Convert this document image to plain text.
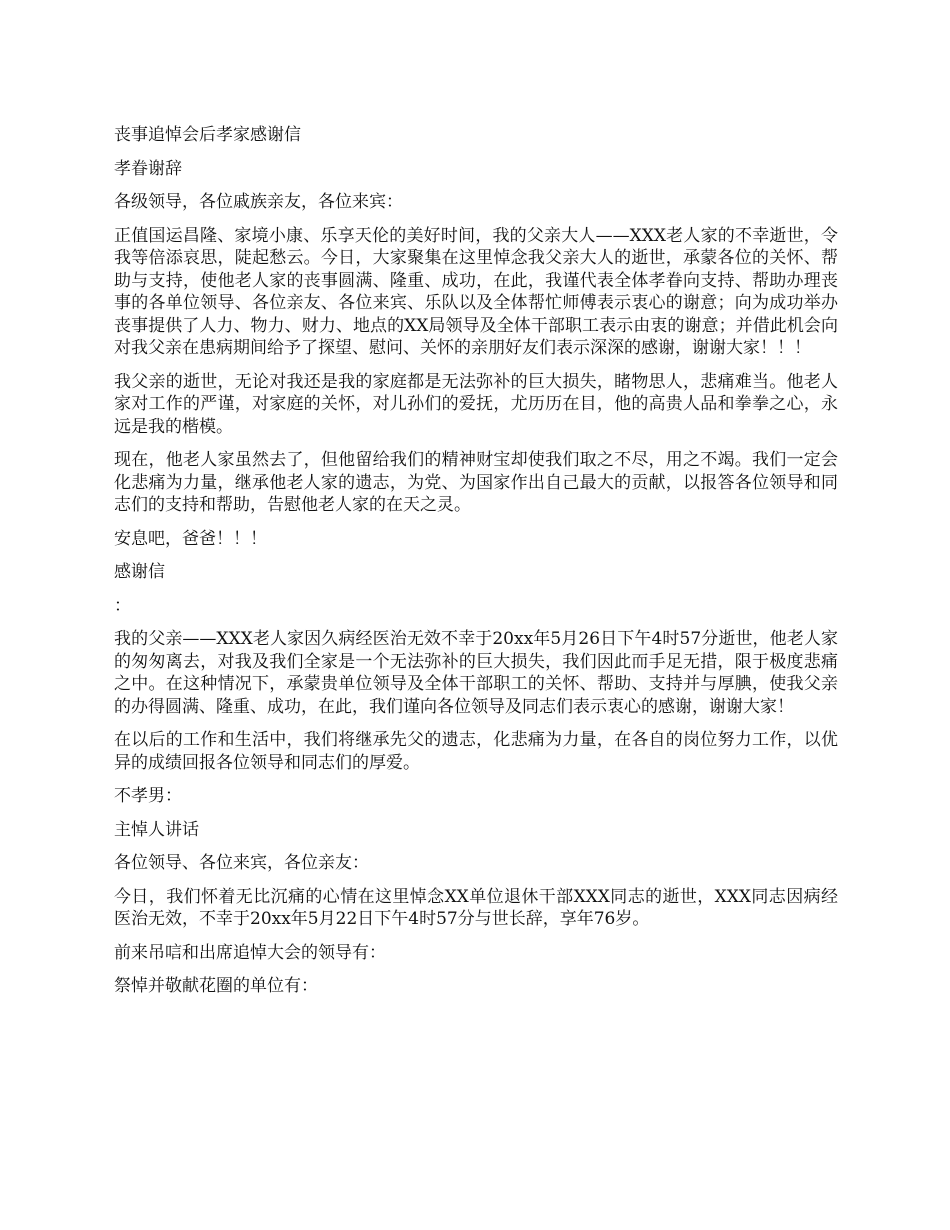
丧事追悼会后孝家感谢信

孝眷谢辞

各级领导，各位戚族亲友，各位来宾：

正值国运昌隆、家境小康、乐享天伦的美好时间，我的父亲大人——XXX老人家的不幸逝世，令我等倍添哀思，陡起愁云。今日，大家聚集在这里悼念我父亲大人的逝世，承蒙各位的关怀、帮助与支持，使他老人家的丧事圆满、隆重、成功，在此，我谨代表全体孝眷向支持、帮助办理丧事的各单位领导、各位亲友、各位来宾、乐队以及全体帮忙师傅表示衷心的谢意；向为成功举办丧事提供了人力、物力、财力、地点的XX局领导及全体干部职工表示由衷的谢意；并借此机会向对我父亲在患病期间给予了探望、慰问、关怀的亲朋好友们表示深深的感谢，谢谢大家！！！

我父亲的逝世，无论对我还是我的家庭都是无法弥补的巨大损失，睹物思人，悲痛难当。他老人家对工作的严谨，对家庭的关怀，对儿孙们的爱抚，尤历历在目，他的高贵人品和拳拳之心，永远是我的楷模。

现在，他老人家虽然去了，但他留给我们的精神财宝却使我们取之不尽，用之不竭。我们一定会化悲痛为力量，继承他老人家的遗志，为党、为国家作出自己最大的贡献，以报答各位领导和同志们的支持和帮助，告慰他老人家的在天之灵。

安息吧，爸爸！！！

感谢信

：

我的父亲——XXX老人家因久病经医治无效不幸于20xx年5月26日下午4时57分逝世，他老人家的匆匆离去，对我及我们全家是一个无法弥补的巨大损失，我们因此而手足无措，限于极度悲痛之中。在这种情况下，承蒙贵单位领导及全体干部职工的关怀、帮助、支持并与厚腆，使我父亲的办得圆满、隆重、成功，在此，我们谨向各位领导及同志们表示衷心的感谢，谢谢大家！

在以后的工作和生活中，我们将继承先父的遗志，化悲痛为力量，在各自的岗位努力工作，以优异的成绩回报各位领导和同志们的厚爱。

不孝男：

主悼人讲话

各位领导、各位来宾，各位亲友：

今日，我们怀着无比沉痛的心情在这里悼念XX单位退休干部XXX同志的逝世，XXX同志因病经医治无效，不幸于20xx年5月22日下午4时57分与世长辞，享年76岁。

前来吊唁和出席追悼大会的领导有：

祭悼并敬献花圈的单位有：
